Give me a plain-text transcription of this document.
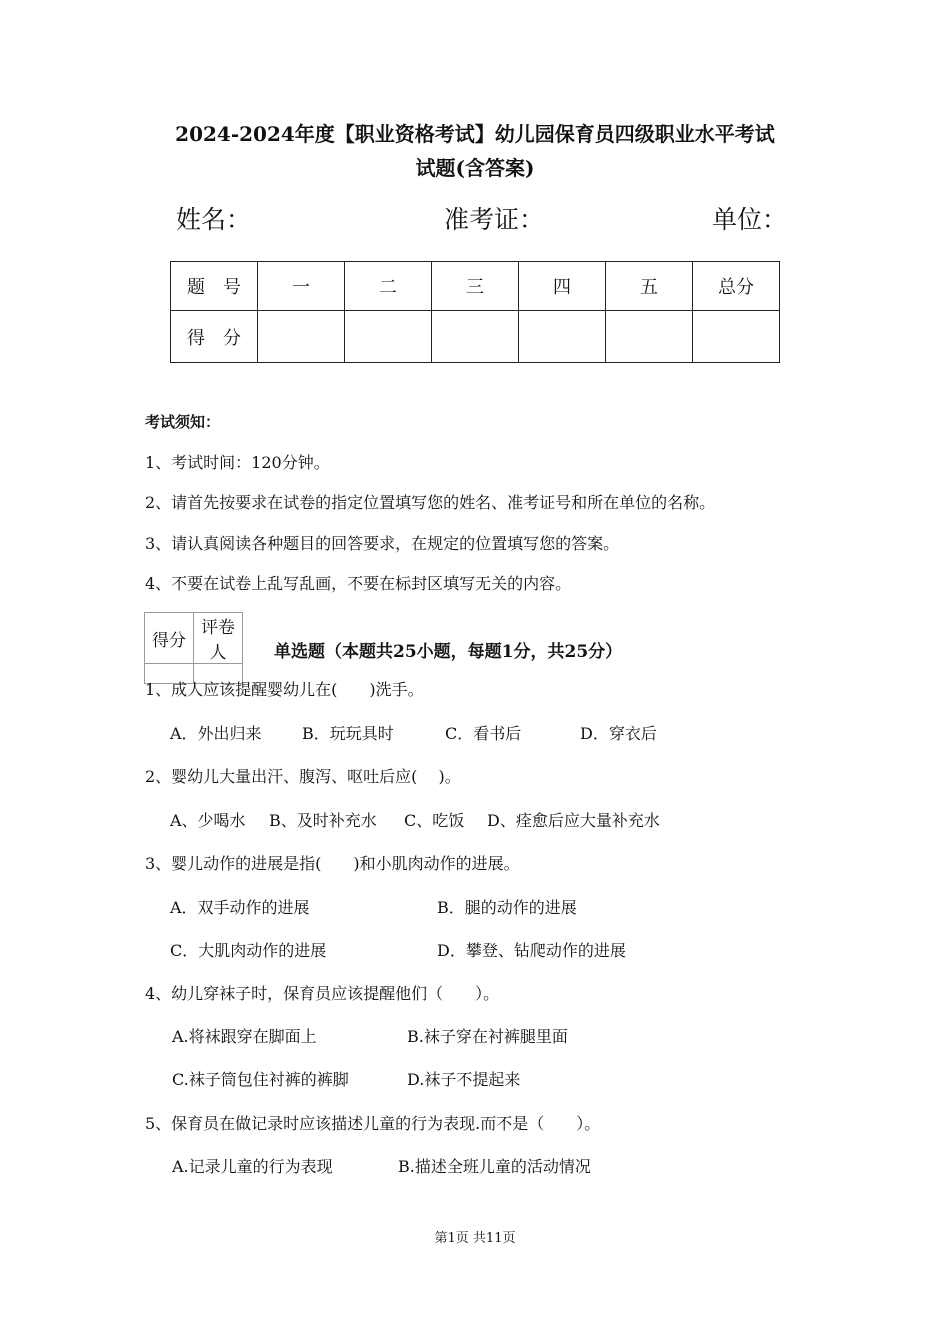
2024-2024年度【职业资格考试】幼儿园保育员四级职业水平考试
试题(含答案)
姓名：	准考证：	单位：
题　号	一	二	三	四	五	总分
得　分						
考试须知：
1、考试时间：120分钟。
2、请首先按要求在试卷的指定位置填写您的姓名、准考证号和所在单位的名称。
3、请认真阅读各种题目的回答要求，在规定的位置填写您的答案。
4、不要在试卷上乱写乱画，不要在标封区填写无关的内容。
得分	评卷人
		单选题（本题共25小题，每题1分，共25分）
1、成人应该提醒婴幼儿在(　　)洗手。
A．外出归来	B．玩玩具时	C．看书后	D．穿衣后
2、婴幼儿大量出汗、腹泻、呕吐后应(　 )。
A、少喝水 B、及时补充水 C、吃饭 D、痊愈后应大量补充水
3、婴儿动作的进展是指(　　)和小肌肉动作的进展。
A．双手动作的进展	B．腿的动作的进展
C．大肌肉动作的进展	D．攀登、钻爬动作的进展
4、幼儿穿袜子时，保育员应该提醒他们（　　）。
A.将袜跟穿在脚面上	B.袜子穿在衬裤腿里面
C.袜子筒包住衬裤的裤脚	D.袜子不提起来
5、保育员在做记录时应该描述儿童的行为表现.而不是（　　）。
A.记录儿童的行为表现	B.描述全班儿童的活动情况
第1页 共11页
